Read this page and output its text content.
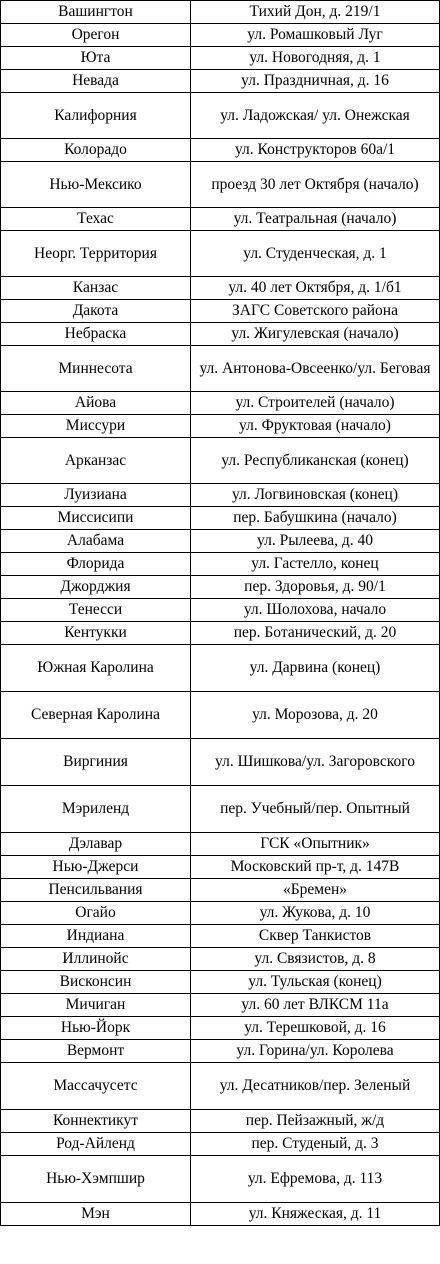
Вашингтон	Тихий Дон, д. 219/1
Орегон	ул. Ромашковый Луг
Юта	ул. Новогодняя, д. 1
Невада	ул. Праздничная, д. 16
Калифорния	ул. Ладожская/ ул. Онежская
Колорадо	ул. Конструкторов 60а/1
Нью-Мексико	проезд 30 лет Октября (начало)
Техас	ул. Театральная (начало)
Неорг. Территория	ул. Студенческая, д. 1
Канзас	ул. 40 лет Октября, д. 1/б1
Дакота	ЗАГС Советского района
Небраска	ул. Жигулевская (начало)
Миннесота	ул. Антонова-Овсеенко/ул. Беговая
Айова	ул. Строителей (начало)
Миссури	ул. Фруктовая (начало)
Арканзас	ул. Республиканская (конец)
Луизиана	ул. Логвиновская (конец)
Миссисипи	пер. Бабушкина (начало)
Алабама	ул. Рылеева, д. 40
Флорида	ул. Гастелло, конец
Джорджия	пер. Здоровья, д. 90/1
Тенесси	ул. Шолохова, начало
Кентукки	пер. Ботанический, д. 20
Южная Каролина	ул. Дарвина (конец)
Северная Каролина	ул. Морозова, д. 20
Виргиния	ул. Шишкова/ул. Загоровского
Мэриленд	пер. Учебный/пер. Опытный
Дэлавар	ГСК «Опытник»
Нью-Джерси	Московский пр-т, д. 147В
Пенсильвания	«Бремен»
Огайо	ул. Жукова, д. 10
Индиана	Сквер Танкистов
Иллинойс	ул. Связистов, д. 8
Висконсин	ул. Тульская (конец)
Мичиган	ул. 60 лет ВЛКСМ 11а
Нью-Йорк	ул. Терешковой, д. 16
Вермонт	ул. Горина/ул. Королева
Массачусетс	ул. Десатников/пер. Зеленый
Коннектикут	пер. Пейзажный, ж/д
Род-Айленд	пер. Студеный, д. 3
Нью-Хэмпшир	ул. Ефремова, д. 113
Мэн	ул. Княжеская, д. 11
